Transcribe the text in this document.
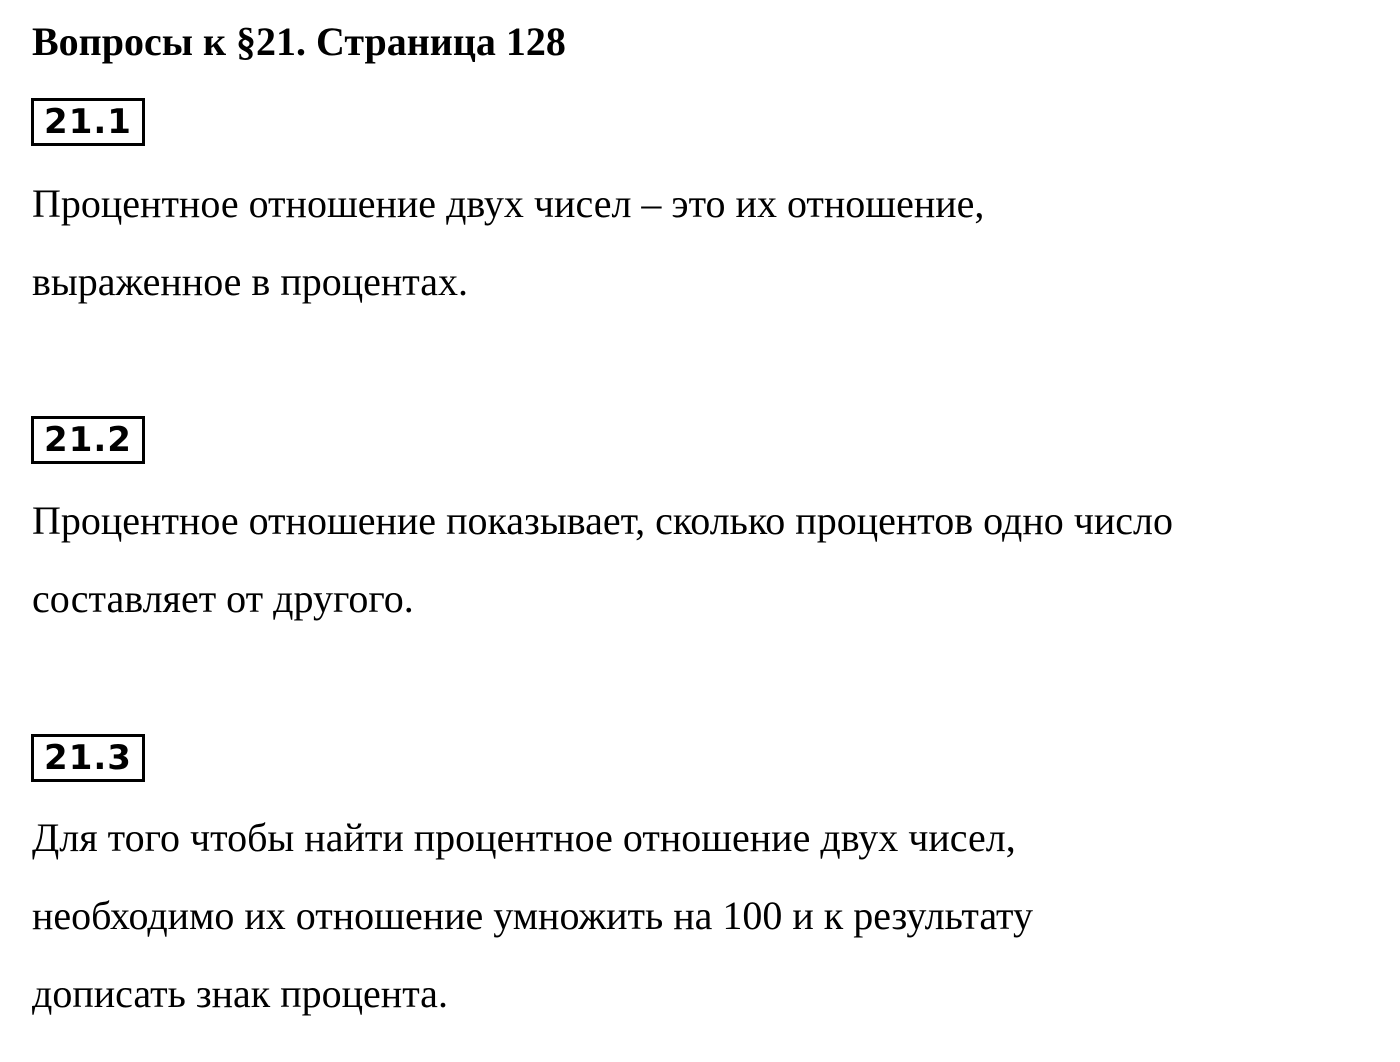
Вопросы к §21. Страница 128
21.1
Процентное отношение двух чисел – это их отношение,
выраженное в процентах.
21.2
Процентное отношение показывает, сколько процентов одно число
составляет от другого.
21.3
Для того чтобы найти процентное отношение двух чисел,
необходимо их отношение умножить на 100 и к результату
дописать знак процента.
